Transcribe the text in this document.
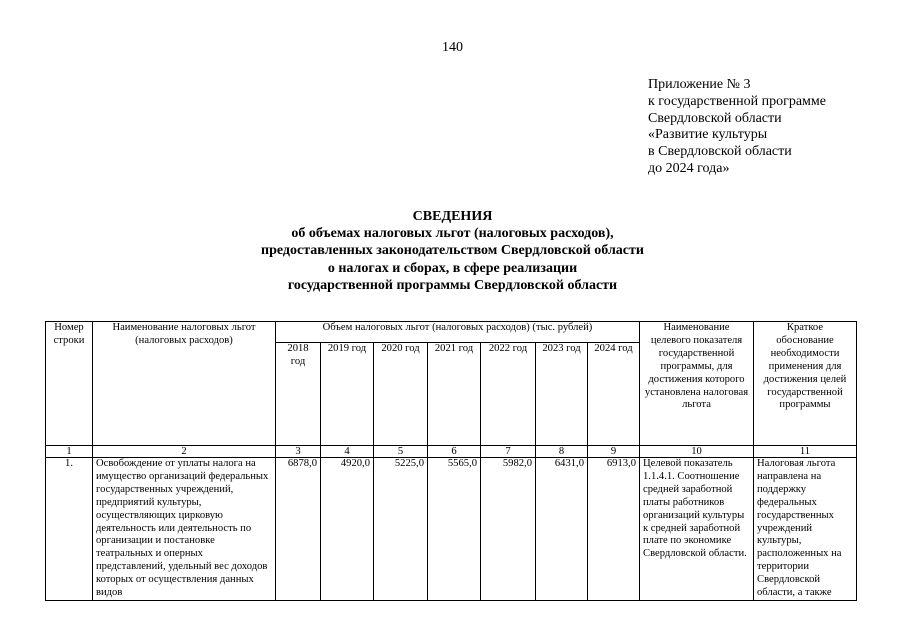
140
Приложение № 3
к государственной программе
Свердловской области
«Развитие культуры
в Свердловской области
до 2024 года»
СВЕДЕНИЯ
об объемах налоговых льгот (налоговых расходов),
предоставленных законодательством Свердловской области
о налогах и сборах, в сфере реализации
государственной программы Свердловской области
Номер строки	Наименование налоговых льгот (налоговых расходов)	Объем налоговых льгот (налоговых расходов) (тыс. рублей)							Наименование целевого показателя государственной программы, для достижения которого установлена налоговая льгота	Краткое обоснование необходимости применения для достижения целей государственной программы
		2018 год	2019 год	2020 год	2021 год	2022 год	2023 год	2024 год		
1	2	3	4	5	6	7	8	9	10	11
1.	Освобождение от уплаты налога на имущество организаций федеральных государственных учреждений, предприятий культуры, осуществляющих цирковую деятельность или деятельность по организации и постановке театральных и оперных представлений, удельный вес доходов которых от осуществления данных видов	6878,0	4920,0	5225,0	5565,0	5982,0	6431,0	6913,0	Целевой показатель 1.1.4.1. Соотношение средней заработной платы работников организаций культуры к средней заработной плате по экономике Свердловской области.	Налоговая льгота направлена на поддержку федеральных государственных учреждений культуры, расположенных на территории Свердловской области, а также
